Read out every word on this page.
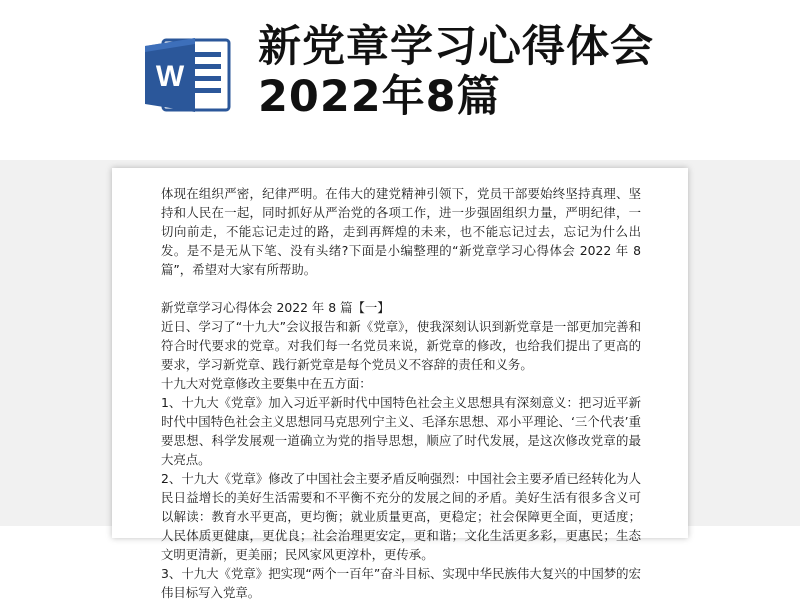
W
新党章学习心得体会
2022年8篇

体现在组织严密，纪律严明。在伟大的建党精神引领下，党员干部要始终坚持真理、坚持和人民在一起，同时抓好从严治党的各项工作，进一步强固组织力量，严明纪律，一切向前走，不能忘记走过的路，走到再辉煌的未来，也不能忘记过去，忘记为什么出发。是不是无从下笔、没有头绪?下面是小编整理的“新党章学习心得体会 2022 年 8 篇”，希望对大家有所帮助。

新党章学习心得体会 2022 年 8 篇【一】

近日、学习了“十九大”会议报告和新《党章》，使我深刻认识到新党章是一部更加完善和符合时代要求的党章。对我们每一名党员来说，新党章的修改，也给我们提出了更高的要求，学习新党章、践行新党章是每个党员义不容辞的责任和义务。

十九大对党章修改主要集中在五方面：

1、十九大《党章》加入习近平新时代中国特色社会主义思想具有深刻意义：把习近平新时代中国特色社会主义思想同马克思列宁主义、毛泽东思想、邓小平理论、‘三个代表’重要思想、科学发展观一道确立为党的指导思想，顺应了时代发展，是这次修改党章的最大亮点。

2、十九大《党章》修改了中国社会主要矛盾反响强烈：中国社会主要矛盾已经转化为人民日益增长的美好生活需要和不平衡不充分的发展之间的矛盾。美好生活有很多含义可以解读：教育水平更高，更均衡；就业质量更高，更稳定；社会保障更全面，更适度；人民体质更健康，更优良；社会治理更安定，更和谐；文化生活更多彩，更惠民；生态文明更清新，更美丽；民风家风更淳朴，更传承。

3、十九大《党章》把实现“两个一百年”奋斗目标、实现中华民族伟大复兴的中国梦的宏伟目标写入党章。
